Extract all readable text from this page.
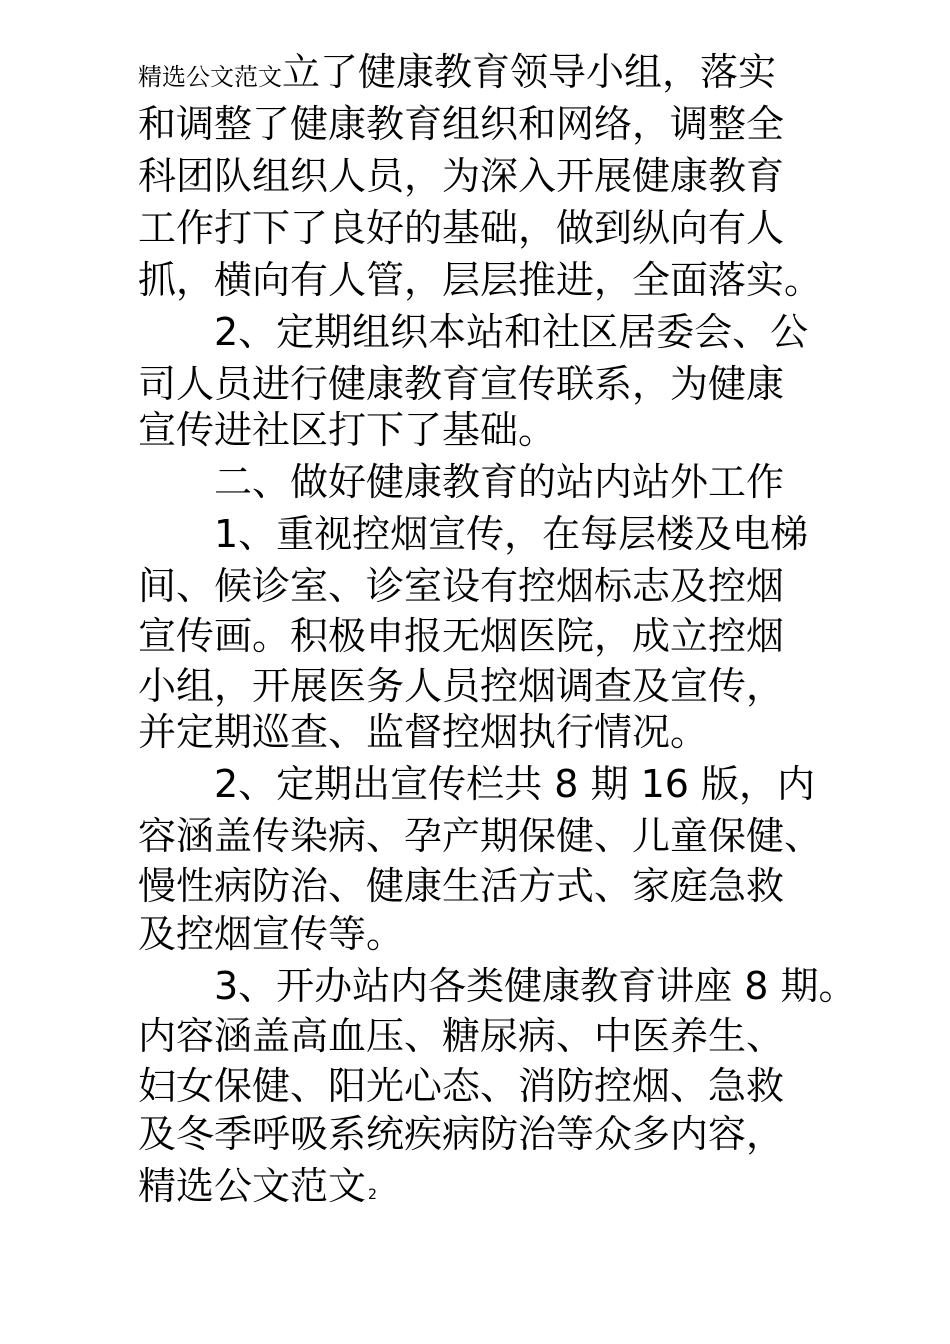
精选公文范文立了健康教育领导小组，落实
和调整了健康教育组织和网络，调整全
科团队组织人员，为深入开展健康教育
工作打下了良好的基础，做到纵向有人
抓，横向有人管，层层推进，全面落实。
　　2、定期组织本站和社区居委会、公
司人员进行健康教育宣传联系，为健康
宣传进社区打下了基础。
　　二、做好健康教育的站内站外工作
　　1、重视控烟宣传，在每层楼及电梯
间、候诊室、诊室设有控烟标志及控烟
宣传画。积极申报无烟医院，成立控烟
小组，开展医务人员控烟调查及宣传，
并定期巡查、监督控烟执行情况。
　　2、定期出宣传栏共 8 期 16 版，内
容涵盖传染病、孕产期保健、儿童保健、
慢性病防治、健康生活方式、家庭急救
及控烟宣传等。
　　3、开办站内各类健康教育讲座 8 期。
内容涵盖高血压、糖尿病、中医养生、
妇女保健、阳光心态、消防控烟、急救
及冬季呼吸系统疾病防治等众多内容，
精选公文范文 2
